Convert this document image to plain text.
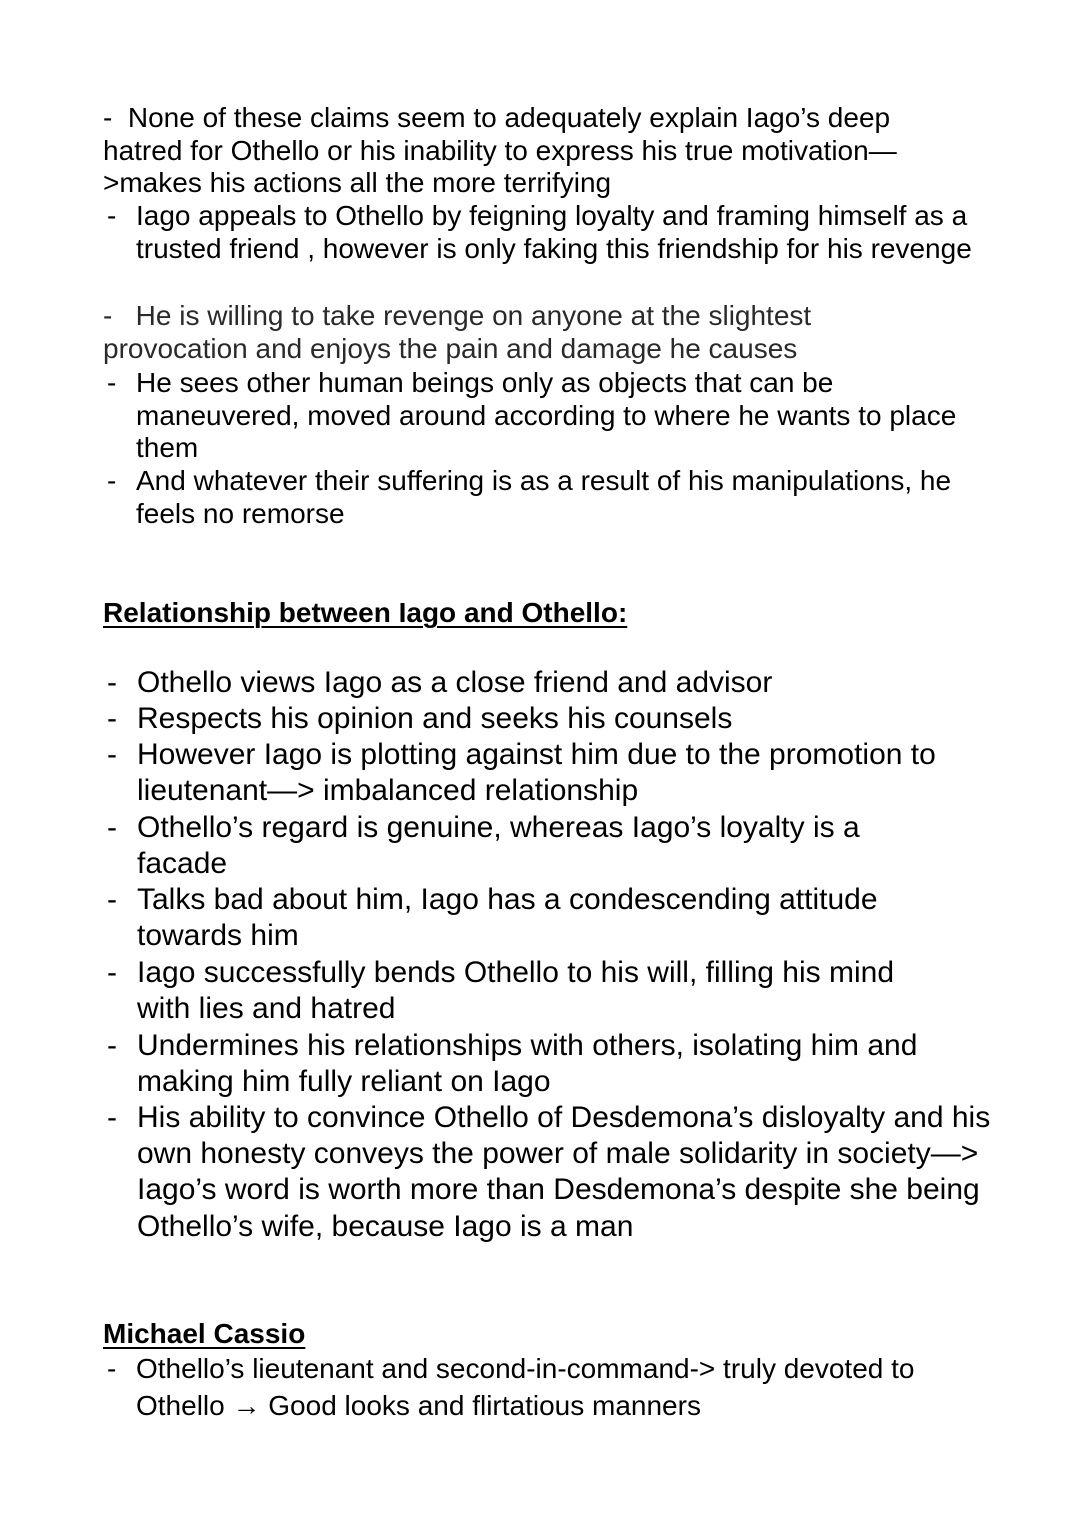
- None of these claims seem to adequately explain Iago’s deep hatred for Othello or his inability to express his true motivation—>makes his actions all the more terrifying
- Iago appeals to Othello by feigning loyalty and framing himself as a trusted friend , however is only faking this friendship for his revenge
- He is willing to take revenge on anyone at the slightest provocation and enjoys the pain and damage he causes
- He sees other human beings only as objects that can be maneuvered, moved around according to where he wants to place them
- And whatever their suffering is as a result of his manipulations, he feels no remorse
Relationship between Iago and Othello:
- Othello views Iago as a close friend and advisor
- Respects his opinion and seeks his counsels
- However Iago is plotting against him due to the promotion to lieutenant—> imbalanced relationship
- Othello’s regard is genuine, whereas Iago’s loyalty is a facade
- Talks bad about him, Iago has a condescending attitude towards him
- Iago successfully bends Othello to his will, filling his mind with lies and hatred
- Undermines his relationships with others, isolating him and making him fully reliant on Iago
- His ability to convince Othello of Desdemona’s disloyalty and his own honesty conveys the power of male solidarity in society—> Iago’s word is worth more than Desdemona’s despite she being Othello’s wife, because Iago is a man
Michael Cassio
- Othello’s lieutenant and second-in-command-> truly devoted to Othello → Good looks and flirtatious manners
